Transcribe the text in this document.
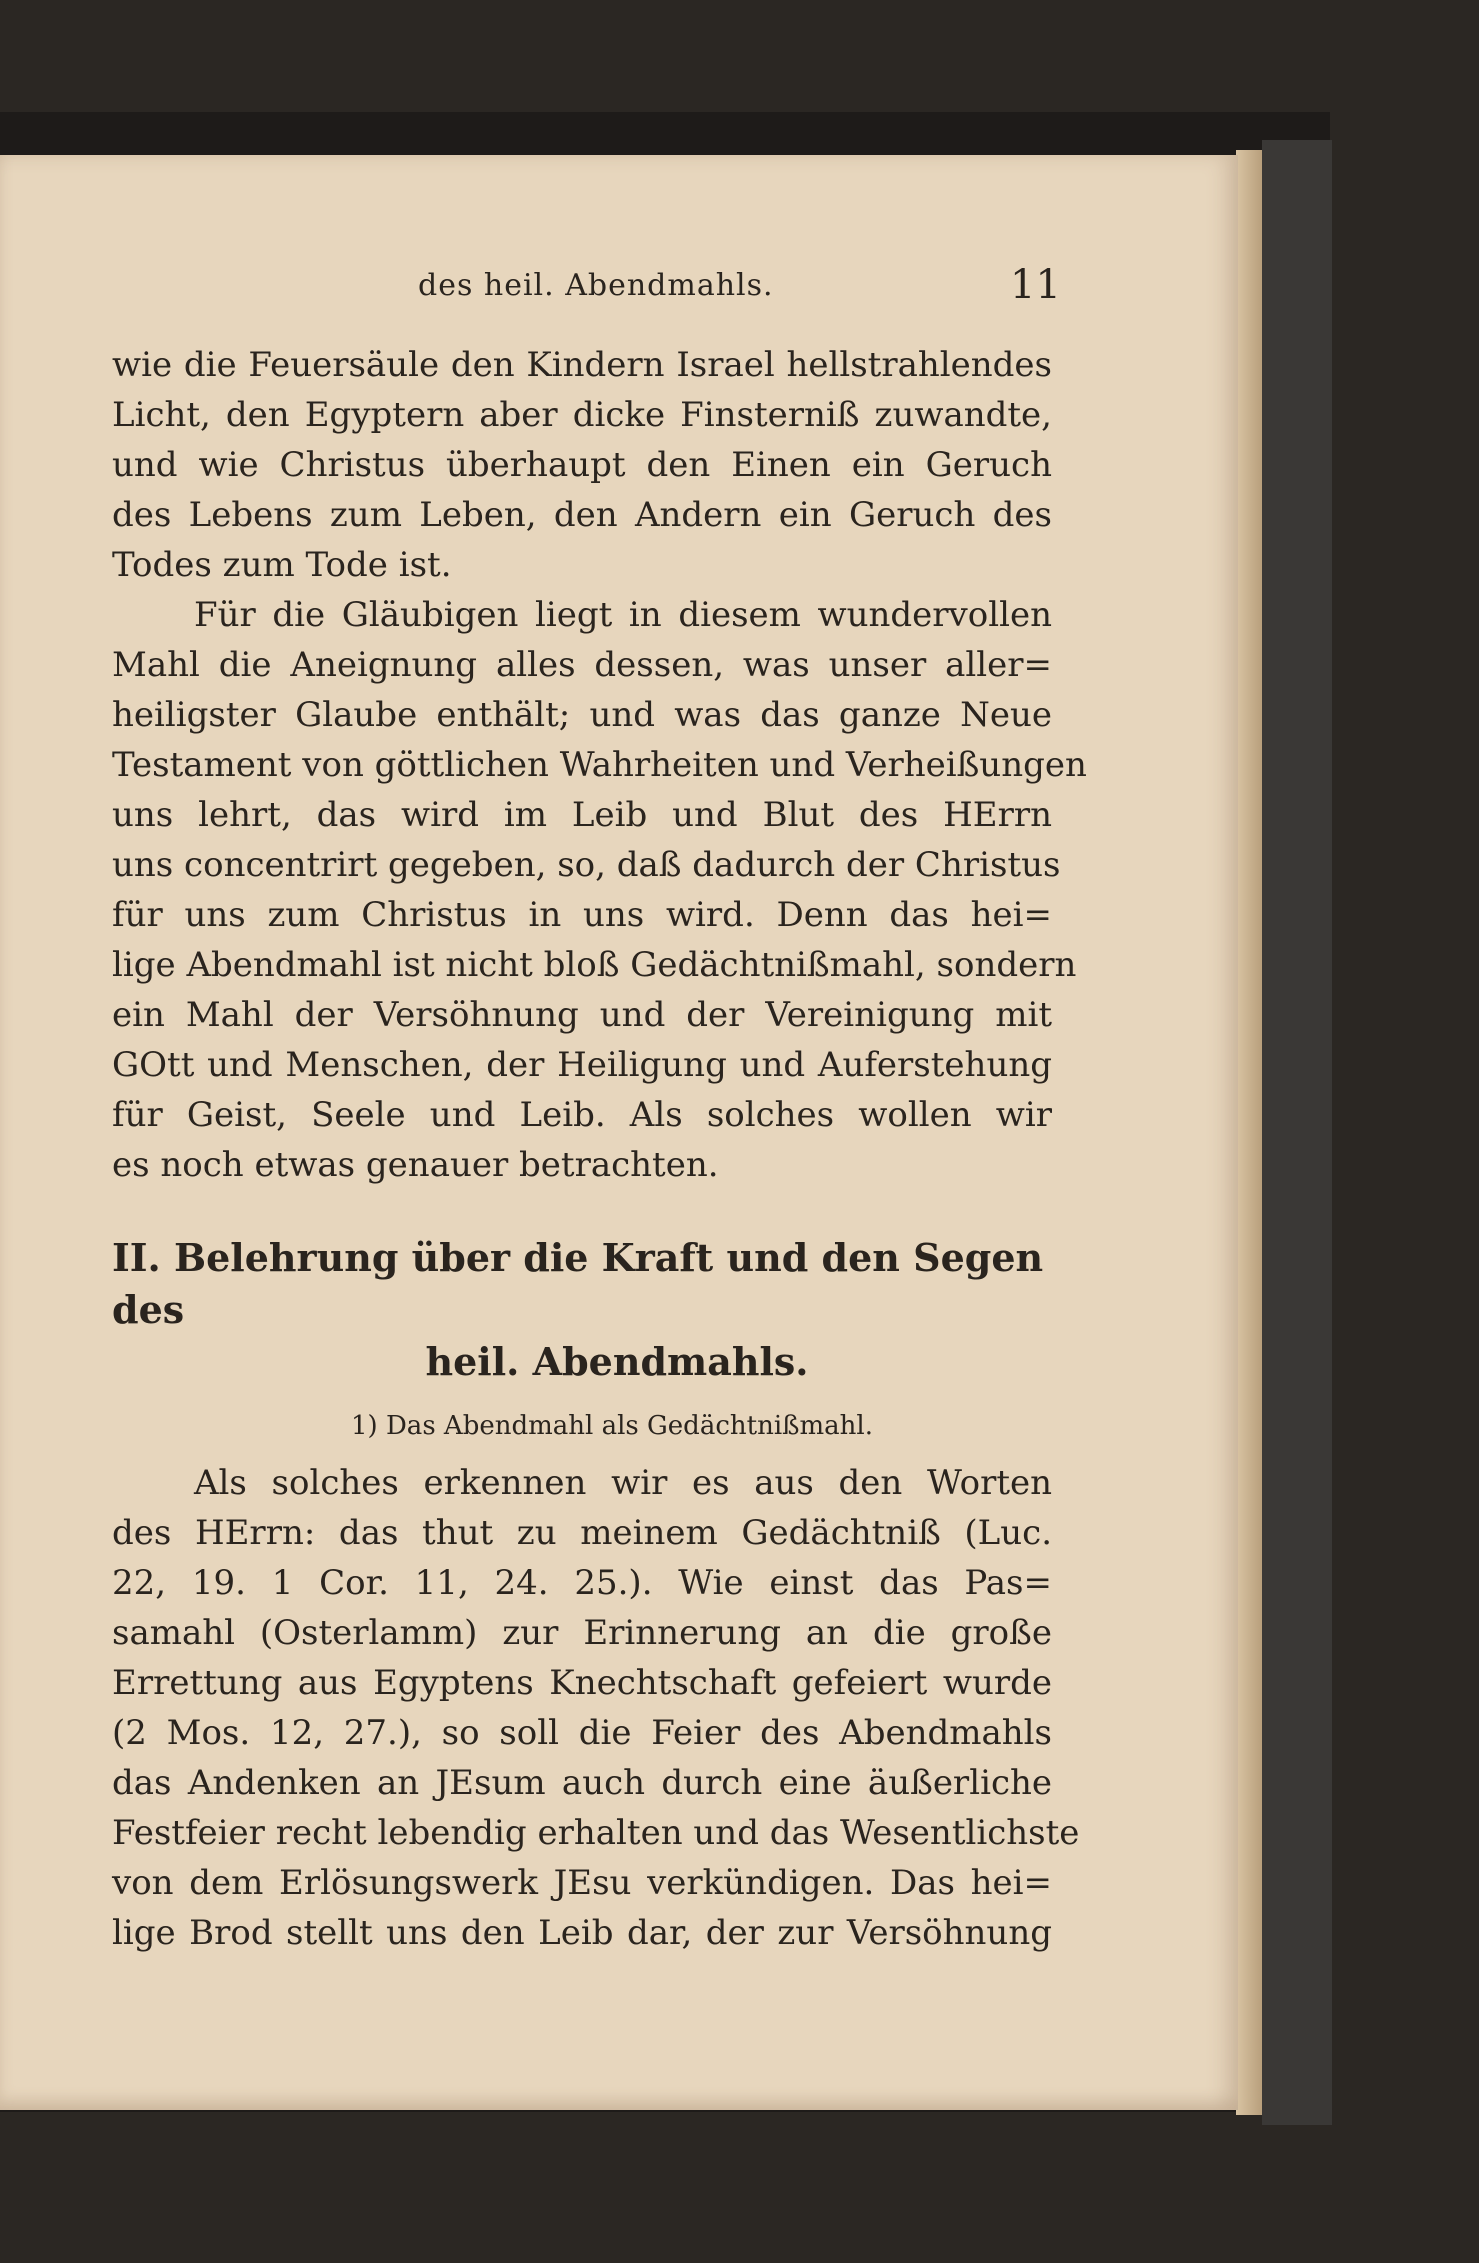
des heil. Abendmahls.	11

wie die Feuersäule den Kindern Israel hellstrahlendes
Licht, den Egyptern aber dicke Finsterniß zuwandte,
und wie Christus überhaupt den Einen ein Geruch
des Lebens zum Leben, den Andern ein Geruch des
Todes zum Tode ist.

Für die Gläubigen liegt in diesem wundervollen
Mahl die Aneignung alles dessen, was unser aller=
heiligster Glaube enthält; und was das ganze Neue
Testament von göttlichen Wahrheiten und Verheißungen
uns lehrt, das wird im Leib und Blut des HErrn
uns concentrirt gegeben, so, daß dadurch der Christus
für uns zum Christus in uns wird. Denn das hei=
lige Abendmahl ist nicht bloß Gedächtnißmahl, sondern
ein Mahl der Versöhnung und der Vereinigung mit
GOtt und Menschen, der Heiligung und Auferstehung
für Geist, Seele und Leib. Als solches wollen wir
es noch etwas genauer betrachten.

II. Belehrung über die Kraft und den Segen des
heil. Abendmahls.
1) Das Abendmahl als Gedächtnißmahl.

Als solches erkennen wir es aus den Worten
des HErrn: das thut zu meinem Gedächtniß (Luc.
22, 19. 1 Cor. 11, 24. 25.). Wie einst das Pas=
samahl (Osterlamm) zur Erinnerung an die große
Errettung aus Egyptens Knechtschaft gefeiert wurde
(2 Mos. 12, 27.), so soll die Feier des Abendmahls
das Andenken an JEsum auch durch eine äußerliche
Festfeier recht lebendig erhalten und das Wesentlichste
von dem Erlösungswerk JEsu verkündigen. Das hei=
lige Brod stellt uns den Leib dar, der zur Versöhnung
